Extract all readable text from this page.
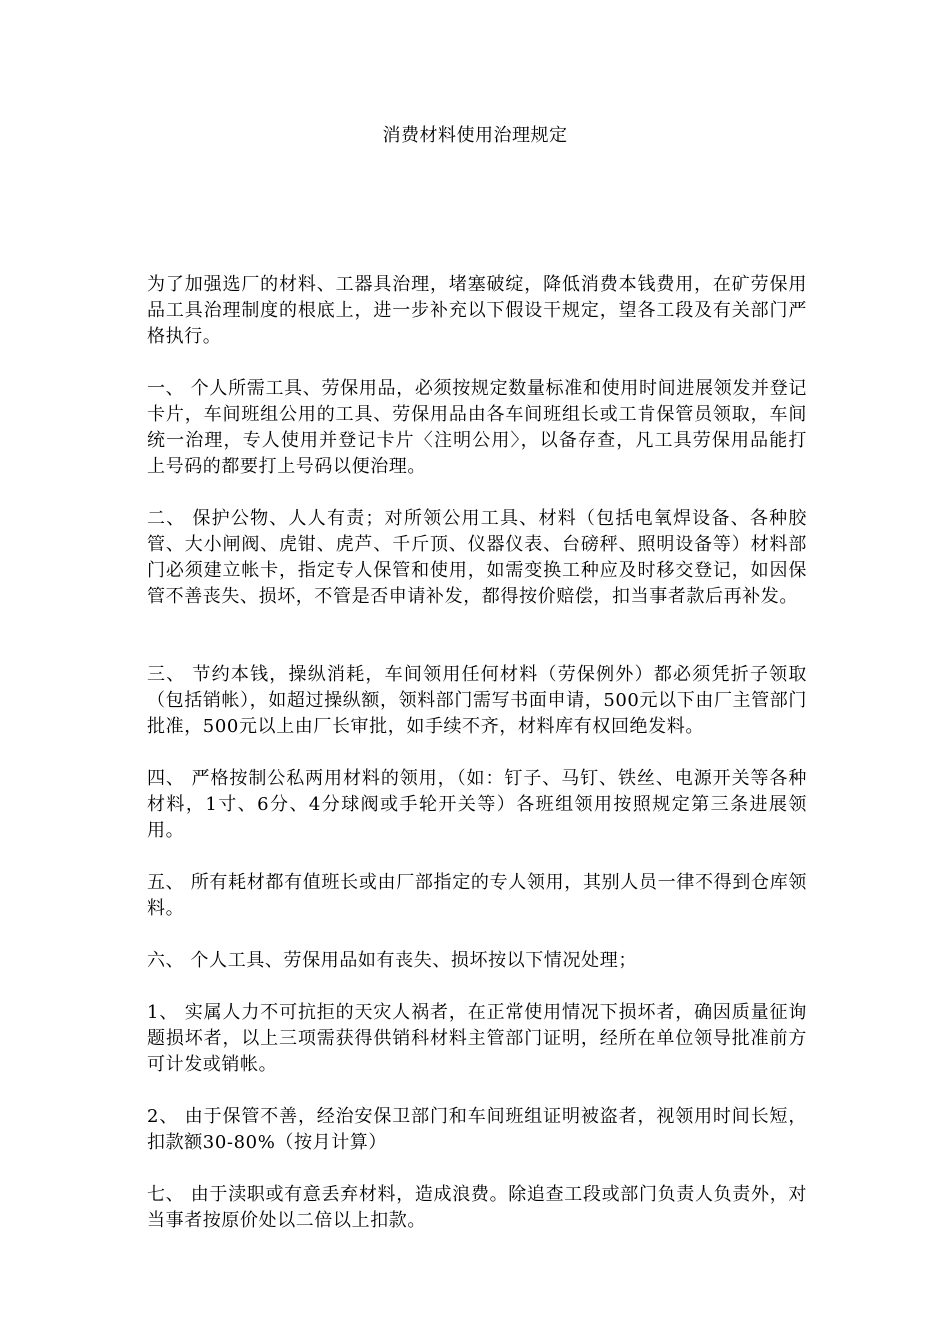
消费材料使用治理规定

为了加强选厂的材料、工器具治理，堵塞破绽，降低消费本钱费用，在矿劳保用品工具治理制度的根底上，进一步补充以下假设干规定，望各工段及有关部门严格执行。

一、 个人所需工具、劳保用品，必须按规定数量标准和使用时间进展领发并登记卡片，车间班组公用的工具、劳保用品由各车间班组长或工肯保管员领取，车间统一治理，专人使用并登记卡片〈注明公用〉，以备存查，凡工具劳保用品能打上号码的都要打上号码以便治理。

二、 保护公物、人人有责；对所领公用工具、材料（包括电氧焊设备、各种胶管、大小闸阀、虎钳、虎芦、千斤顶、仪器仪表、台磅秤、照明设备等）材料部门必须建立帐卡，指定专人保管和使用，如需变换工种应及时移交登记，如因保管不善丧失、损坏，不管是否申请补发，都得按价赔偿，扣当事者款后再补发。

三、 节约本钱，操纵消耗，车间领用任何材料（劳保例外）都必须凭折子领取（包括销帐），如超过操纵额，领料部门需写书面申请，500元以下由厂主管部门批准，500元以上由厂长审批，如手续不齐，材料库有权回绝发料。

四、 严格按制公私两用材料的领用，（如：钉子、马钉、铁丝、电源开关等各种材料，1寸、6分、4分球阀或手轮开关等）各班组领用按照规定第三条进展领用。

五、 所有耗材都有值班长或由厂部指定的专人领用，其别人员一律不得到仓库领料。

六、 个人工具、劳保用品如有丧失、损坏按以下情况处理；

1、 实属人力不可抗拒的天灾人祸者，在正常使用情况下损坏者，确因质量征询题损坏者，以上三项需获得供销科材料主管部门证明，经所在单位领导批准前方可计发或销帐。

2、 由于保管不善，经治安保卫部门和车间班组证明被盗者，视领用时间长短，扣款额30-80%（按月计算）

七、 由于渎职或有意丢弃材料，造成浪费。除追查工段或部门负责人负责外，对当事者按原价处以二倍以上扣款。
